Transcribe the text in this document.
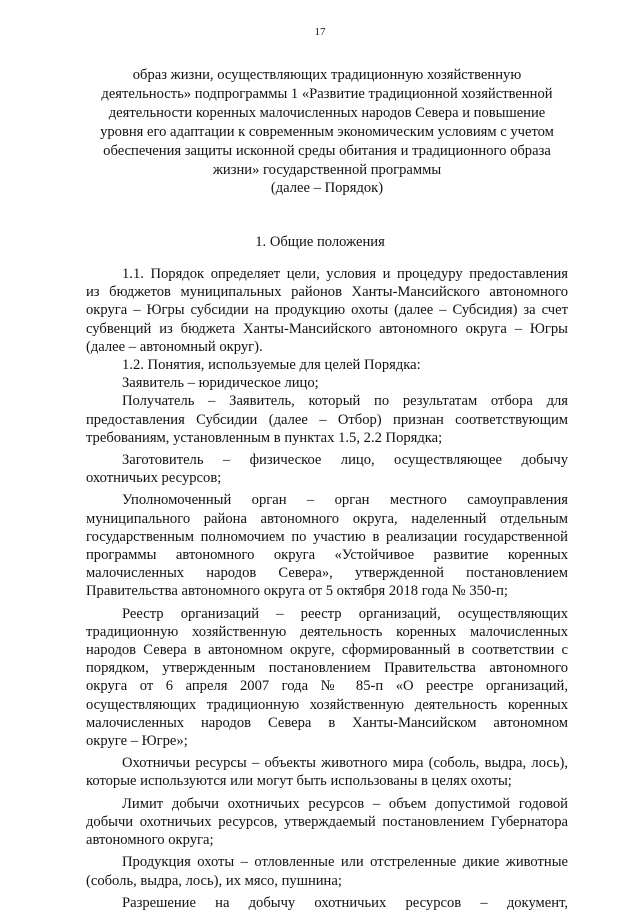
17
образ жизни, осуществляющих традиционную хозяйственную
деятельность» подпрограммы 1 «Развитие традиционной хозяйственной
деятельности коренных малочисленных народов Севера и повышение
уровня его адаптации к современным экономическим условиям с учетом
обеспечения защиты исконной среды обитания и традиционного образа
жизни» государственной программы
(далее – Порядок)
1. Общие положения
1.1. Порядок определяет цели, условия и процедуру предоставления
из бюджетов муниципальных районов Ханты-Мансийского автономного
округа – Югры субсидии на продукцию охоты (далее – Субсидия) за счет
субвенций из бюджета Ханты-Мансийского автономного округа – Югры
(далее – автономный округ).
1.2. Понятия, используемые для целей Порядка:
Заявитель – юридическое лицо;
Получатель – Заявитель, который по результатам отбора для
предоставления Субсидии (далее – Отбор) признан соответствующим
требованиям, установленным в пунктах 1.5, 2.2 Порядка;
Заготовитель – физическое лицо, осуществляющее добычу
охотничьих ресурсов;
Уполномоченный орган – орган местного самоуправления
муниципального района автономного округа, наделенный отдельным
государственным полномочием по участию в реализации государственной
программы автономного округа «Устойчивое развитие коренных
малочисленных народов Севера», утвержденной постановлением
Правительства автономного округа от 5 октября 2018 года № 350-п;
Реестр организаций – реестр организаций, осуществляющих
традиционную хозяйственную деятельность коренных малочисленных
народов Севера в автономном округе, сформированный в соответствии с
порядком, утвержденным постановлением Правительства автономного
округа от 6 апреля 2007 года № 85-п «О реестре организаций,
осуществляющих традиционную хозяйственную деятельность коренных
малочисленных народов Севера в Ханты-Мансийском автономном
округе – Югре»;
Охотничьи ресурсы – объекты животного мира (соболь, выдра, лось),
которые используются или могут быть использованы в целях охоты;
Лимит добычи охотничьих ресурсов – объем допустимой годовой
добычи охотничьих ресурсов, утверждаемый постановлением Губернатора
автономного округа;
Продукция охоты – отловленные или отстреленные дикие животные
(соболь, выдра, лось), их мясо, пушнина;
Разрешение на добычу охотничьих ресурсов – документ,
